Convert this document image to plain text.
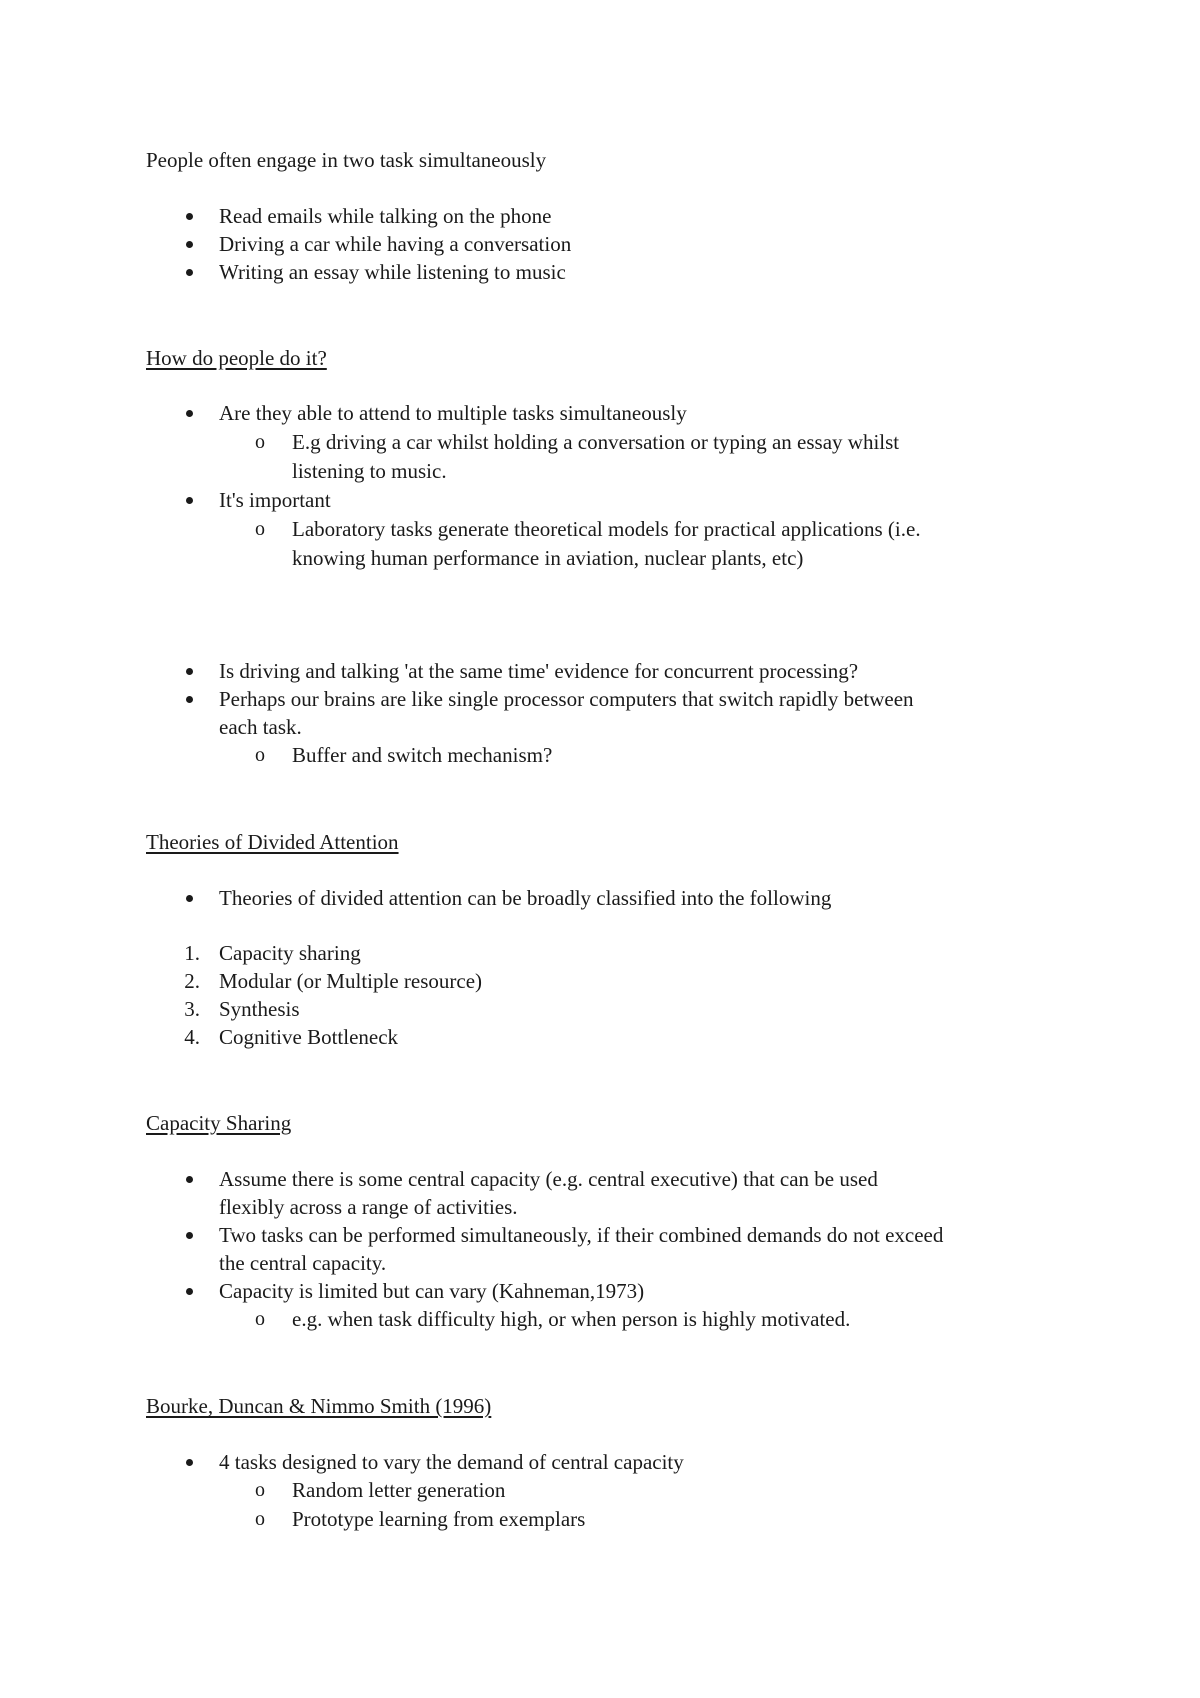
People often engage in two task simultaneously
Read emails while talking on the phone
Driving a car while having a conversation
Writing an essay while listening to music
How do people do it?
Are they able to attend to multiple tasks simultaneously
o E.g driving a car whilst holding a conversation or typing an essay whilst
listening to music.
It's important
o Laboratory tasks generate theoretical models for practical applications (i.e.
knowing human performance in aviation, nuclear plants, etc)
Is driving and talking 'at the same time' evidence for concurrent processing?
Perhaps our brains are like single processor computers that switch rapidly between
each task.
o Buffer and switch mechanism?
Theories of Divided Attention
Theories of divided attention can be broadly classified into the following
1. Capacity sharing
2. Modular (or Multiple resource)
3. Synthesis
4. Cognitive Bottleneck
Capacity Sharing
Assume there is some central capacity (e.g. central executive) that can be used
flexibly across a range of activities.
Two tasks can be performed simultaneously, if their combined demands do not exceed
the central capacity.
Capacity is limited but can vary (Kahneman,1973)
o e.g. when task difficulty high, or when person is highly motivated.
Bourke, Duncan & Nimmo Smith (1996)
4 tasks designed to vary the demand of central capacity
o Random letter generation
o Prototype learning from exemplars
